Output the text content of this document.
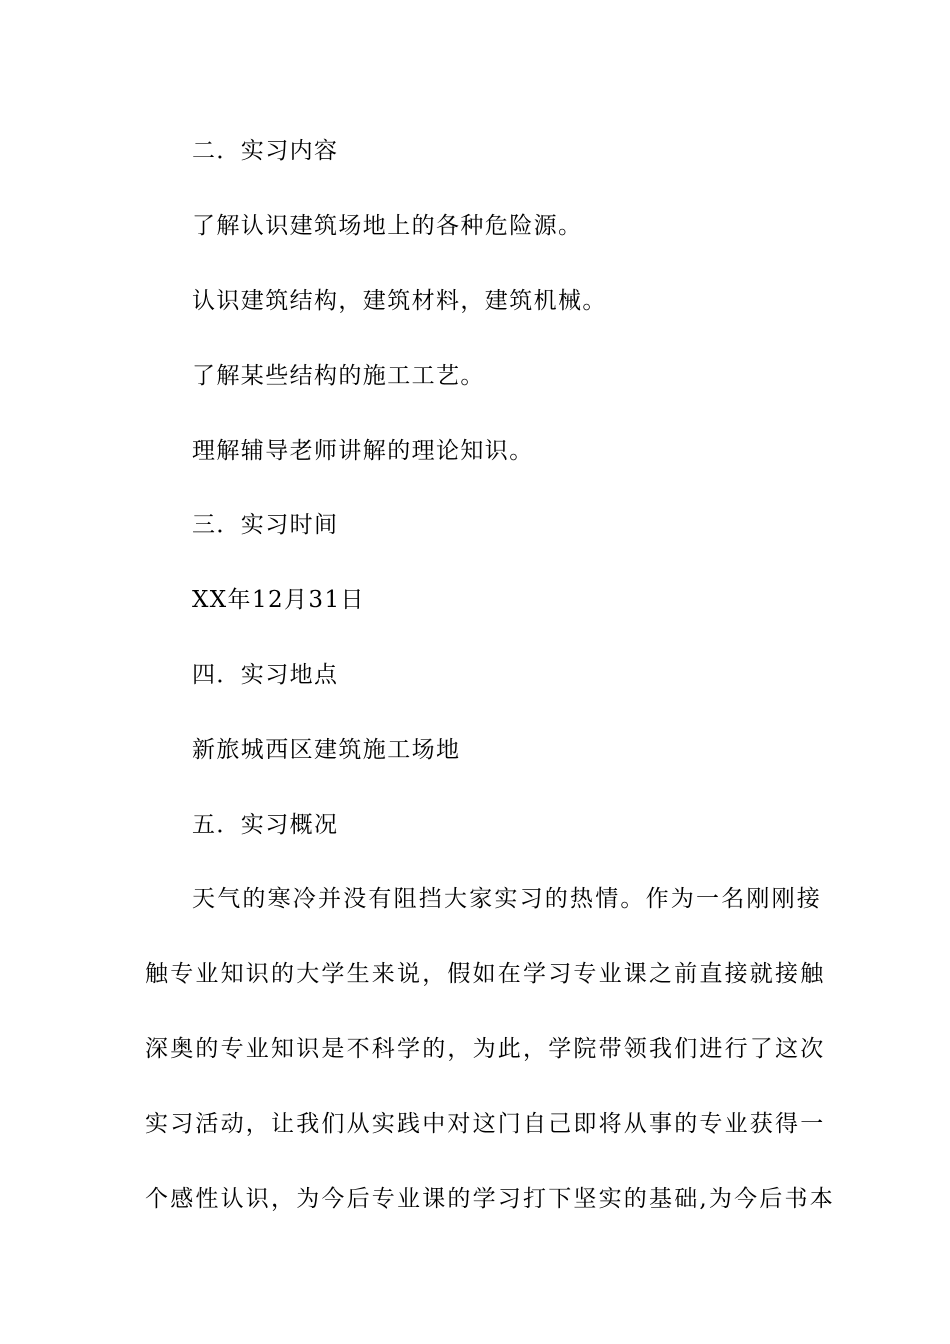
二．实习内容
了解认识建筑场地上的各种危险源。
认识建筑结构，建筑材料，建筑机械。
了解某些结构的施工工艺。
理解辅导老师讲解的理论知识。
三．实习时间
XX年12月31日
四．实习地点
新旅城西区建筑施工场地
五．实习概况
天气的寒冷并没有阻挡大家实习的热情。作为一名刚刚接
触专业知识的大学生来说，假如在学习专业课之前直接就接触
深奥的专业知识是不科学的，为此，学院带领我们进行了这次
实习活动，让我们从实践中对这门自己即将从事的专业获得一
个感性认识，为今后专业课的学习打下坚实的基础,为今后书本
